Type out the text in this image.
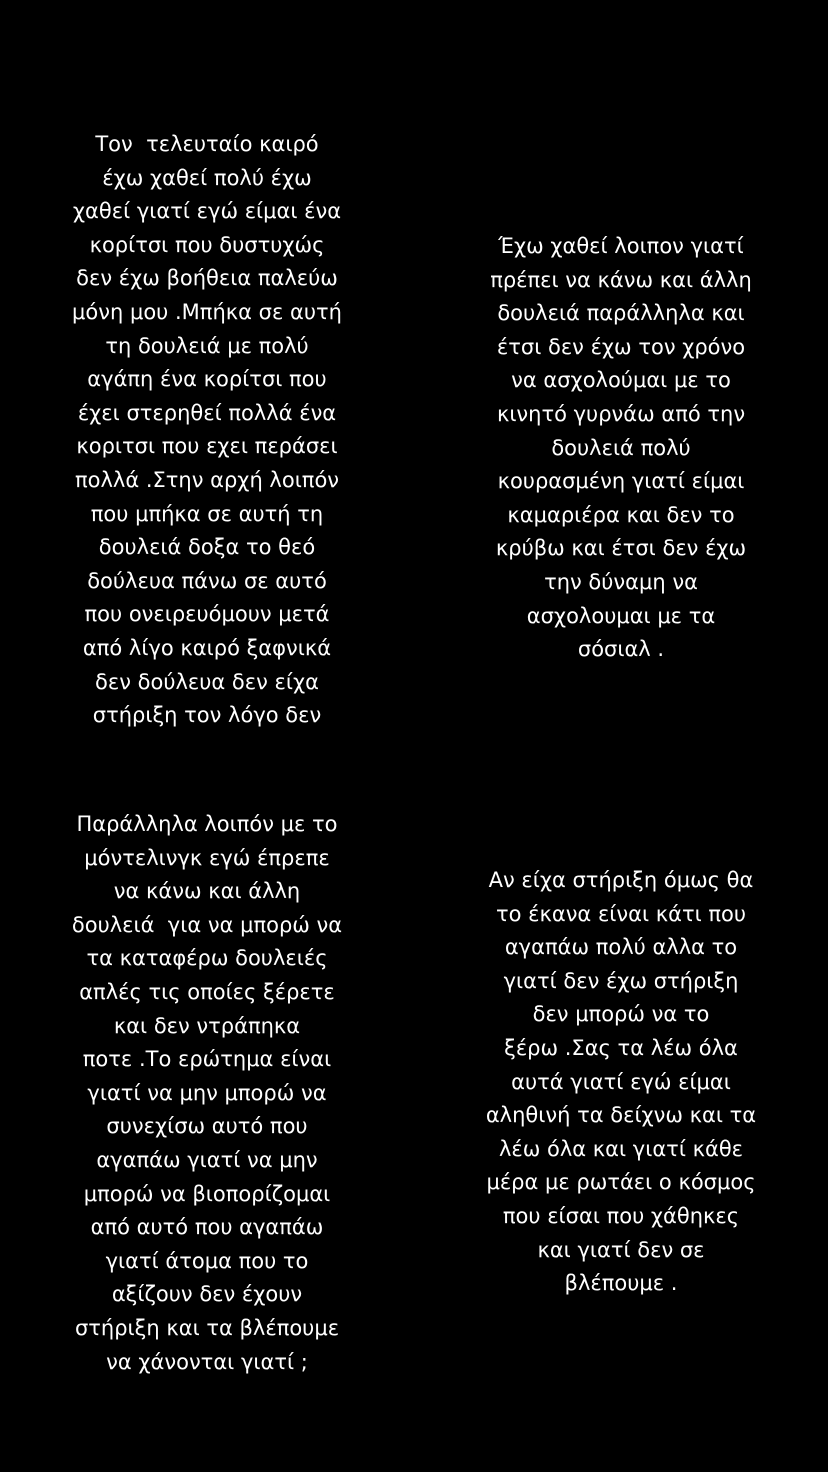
Τον  τελευταίο καιρό
έχω χαθεί πολύ έχω
χαθεί γιατί εγώ είμαι ένα
κορίτσι που δυστυχώς
δεν έχω βοήθεια παλεύω
μόνη μου .Μπήκα σε αυτή
τη δουλειά με πολύ
αγάπη ένα κορίτσι που
έχει στερηθεί πολλά ένα
κοριτσι που εχει περάσει
πολλά .Στην αρχή λοιπόν
που μπήκα σε αυτή τη
δουλειά δοξα το θεό
δούλευα πάνω σε αυτό
που ονειρευόμουν μετά
από λίγο καιρό ξαφνικά
δεν δούλευα δεν είχα
στήριξη τον λόγο δεν

Έχω χαθεί λοιπον γιατί
πρέπει να κάνω και άλλη
δουλειά παράλληλα και
έτσι δεν έχω τον χρόνο
να ασχολούμαι με το
κινητό γυρνάω από την
δουλειά πολύ
κουρασμένη γιατί είμαι
καμαριέρα και δεν το
κρύβω και έτσι δεν έχω
την δύναμη να
ασχολουμαι με τα
σόσιαλ .

Παράλληλα λοιπόν με το
μόντελινγκ εγώ έπρεπε
να κάνω και άλλη
δουλειά  για να μπορώ να
τα καταφέρω δουλειές
απλές τις οποίες ξέρετε
και δεν ντράπηκα
ποτε .Το ερώτημα είναι
γιατί να μην μπορώ να
συνεχίσω αυτό που
αγαπάω γιατί να μην
μπορώ να βιοπορίζομαι
από αυτό που αγαπάω
γιατί άτομα που το
αξίζουν δεν έχουν
στήριξη και τα βλέπουμε
να χάνονται γιατί ;

Αν είχα στήριξη όμως θα
το έκανα είναι κάτι που
αγαπάω πολύ αλλα το
γιατί δεν έχω στήριξη
δεν μπορώ να το
ξέρω .Σας τα λέω όλα
αυτά γιατί εγώ είμαι
αληθινή τα δείχνω και τα
λέω όλα και γιατί κάθε
μέρα με ρωτάει ο κόσμος
που είσαι που χάθηκες
και γιατί δεν σε
βλέπουμε .
